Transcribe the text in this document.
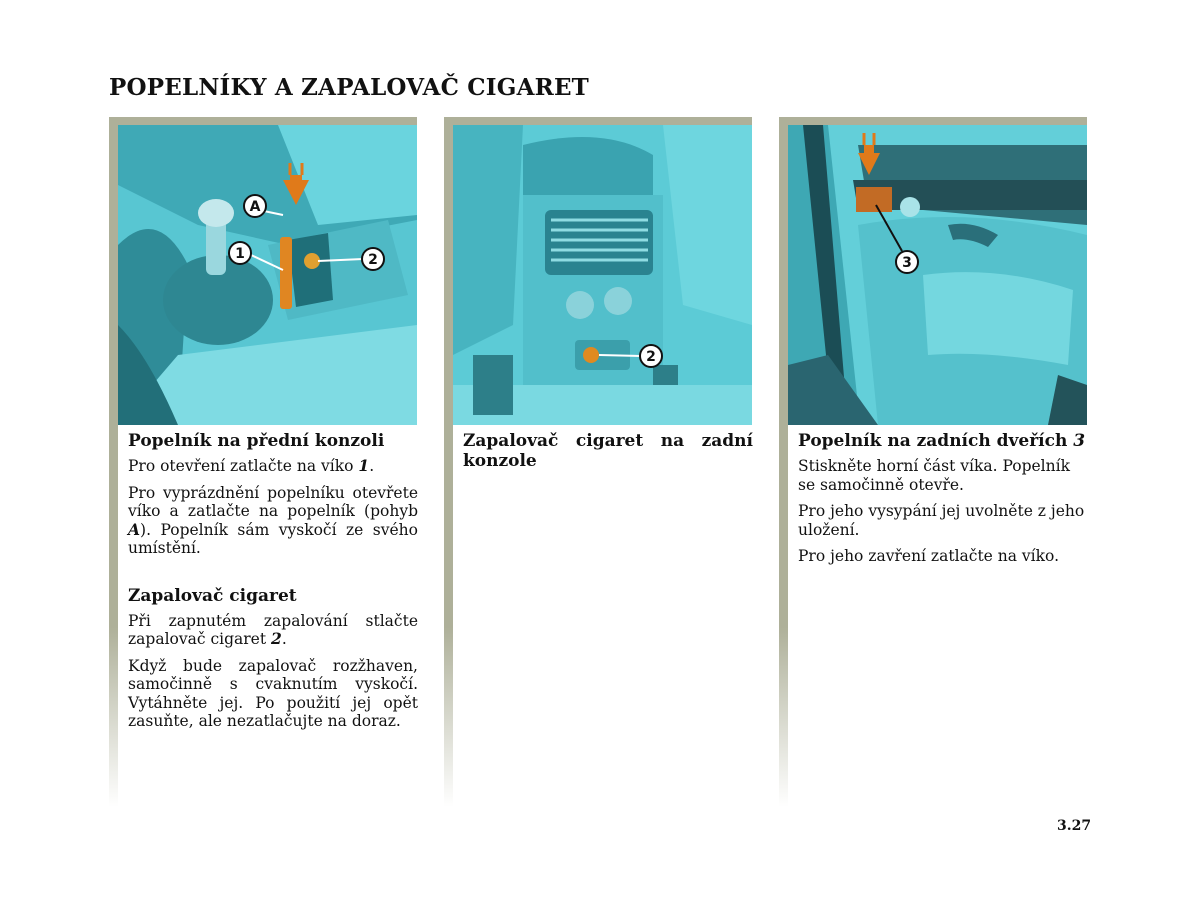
POPELNÍKY A ZAPALOVAČ CIGARET
A
1	2
Popelník na přední konzoli

Pro otevření zatlačte na víko 1.

Pro vyprázdnění popelníku otevřete víko a zatlačte na popelník (pohyb A). Popelník sám vyskočí ze svého umístění.

Zapalovač cigaret

Při zapnutém zapalování stlačte zapalovač cigaret 2.

Když bude zapalovač rozžhaven, samočinně s cvaknutím vyskočí. Vytáhněte jej. Po použití jej opět zasuňte, ale nezatlačujte na doraz.

2
Zapalovač cigaret na zadní konzole
3
Popelník na zadních dveřích 3

Stiskněte horní část víka. Popelník se samočinně otevře.

Pro jeho vysypání jej uvolněte z jeho uložení.

Pro jeho zavření zatlačte na víko.

3.27
